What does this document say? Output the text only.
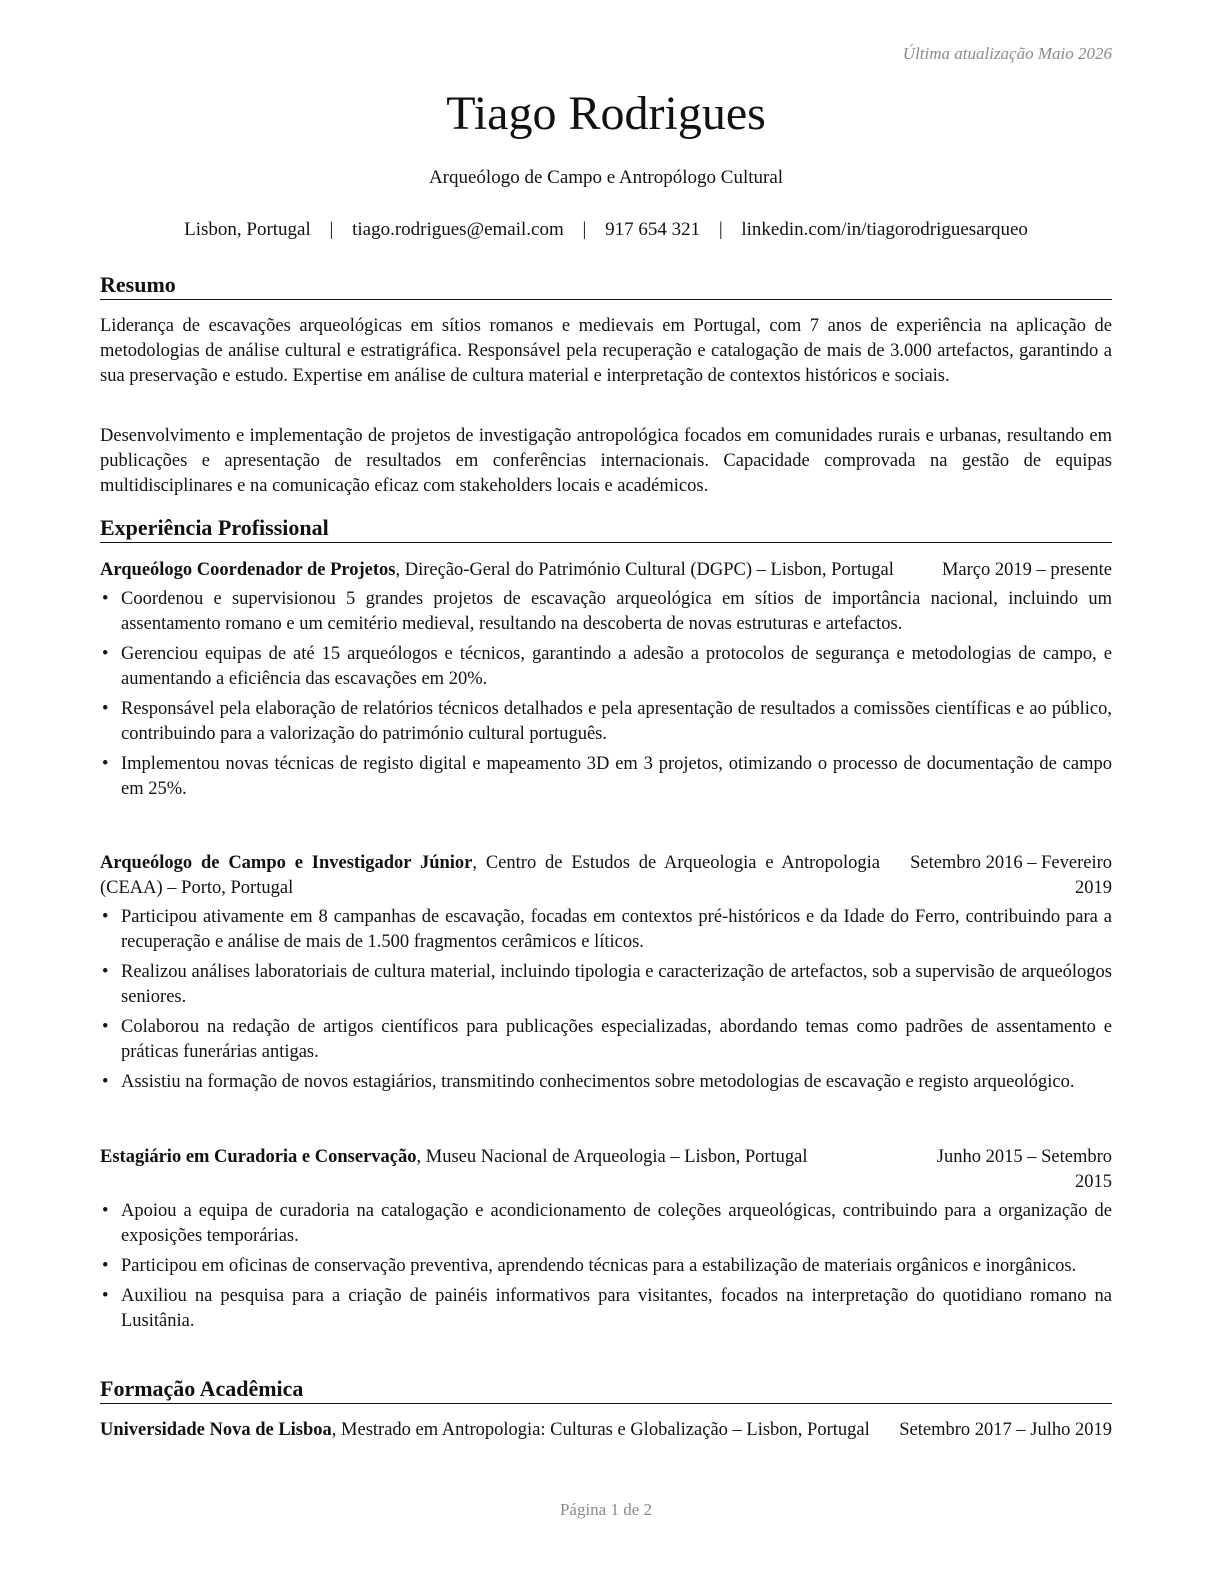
Última atualização Maio 2026
Tiago Rodrigues
Arqueólogo de Campo e Antropólogo Cultural
Lisbon, Portugal | tiago.rodrigues@email.com | 917 654 321 | linkedin.com/in/tiagorodriguesarqueo
Resumo

Liderança de escavações arqueológicas em sítios romanos e medievais em Portugal, com 7 anos de experiência na aplicação de metodologias de análise cultural e estratigráfica. Responsável pela recuperação e catalogação de mais de 3.000 artefactos, garantindo a sua preservação e estudo. Expertise em análise de cultura material e interpretação de contextos históricos e sociais.

Desenvolvimento e implementação de projetos de investigação antropológica focados em comunidades rurais e urbanas, resultando em publicações e apresentação de resultados em conferências internacionais. Capacidade comprovada na gestão de equipas multidisciplinares e na comunicação eficaz com stakeholders locais e académicos.

Experiência Profissional
Arqueólogo Coordenador de Projetos, Direção-Geral do Património Cultural (DGPC) – Lisbon, Portugal	Março 2019 – presente
• Coordenou e supervisionou 5 grandes projetos de escavação arqueológica em sítios de importância nacional, incluindo um assentamento romano e um cemitério medieval, resultando na descoberta de novas estruturas e artefactos.
• Gerenciou equipas de até 15 arqueólogos e técnicos, garantindo a adesão a protocolos de segurança e metodologias de campo, e aumentando a eficiência das escavações em 20%.
• Responsável pela elaboração de relatórios técnicos detalhados e pela apresentação de resultados a comissões científicas e ao público, contribuindo para a valorização do património cultural português.
• Implementou novas técnicas de registo digital e mapeamento 3D em 3 projetos, otimizando o processo de documentação de campo em 25%.
Arqueólogo de Campo e Investigador Júnior, Centro de Estudos de Arqueologia e Antropologia (CEAA) – Porto, Portugal
Setembro 2016 – Fevereiro 2019
• Participou ativamente em 8 campanhas de escavação, focadas em contextos pré-históricos e da Idade do Ferro, contribuindo para a recuperação e análise de mais de 1.500 fragmentos cerâmicos e líticos.
• Realizou análises laboratoriais de cultura material, incluindo tipologia e caracterização de artefactos, sob a supervisão de arqueólogos seniores.
• Colaborou na redação de artigos científicos para publicações especializadas, abordando temas como padrões de assentamento e práticas funerárias antigas.
• Assistiu na formação de novos estagiários, transmitindo conhecimentos sobre metodologias de escavação e registo arqueológico.
Estagiário em Curadoria e Conservação, Museu Nacional de Arqueologia – Lisbon, Portugal	Junho 2015 – Setembro 2015
• Apoiou a equipa de curadoria na catalogação e acondicionamento de coleções arqueológicas, contribuindo para a organização de exposições temporárias.
• Participou em oficinas de conservação preventiva, aprendendo técnicas para a estabilização de materiais orgânicos e inorgânicos.
• Auxiliou na pesquisa para a criação de painéis informativos para visitantes, focados na interpretação do quotidiano romano na Lusitânia.
Formação Acadêmica
Universidade Nova de Lisboa, Mestrado em Antropologia: Culturas e Globalização – Lisbon, Portugal	Setembro 2017 – Julho 2019
Página 1 de 2
